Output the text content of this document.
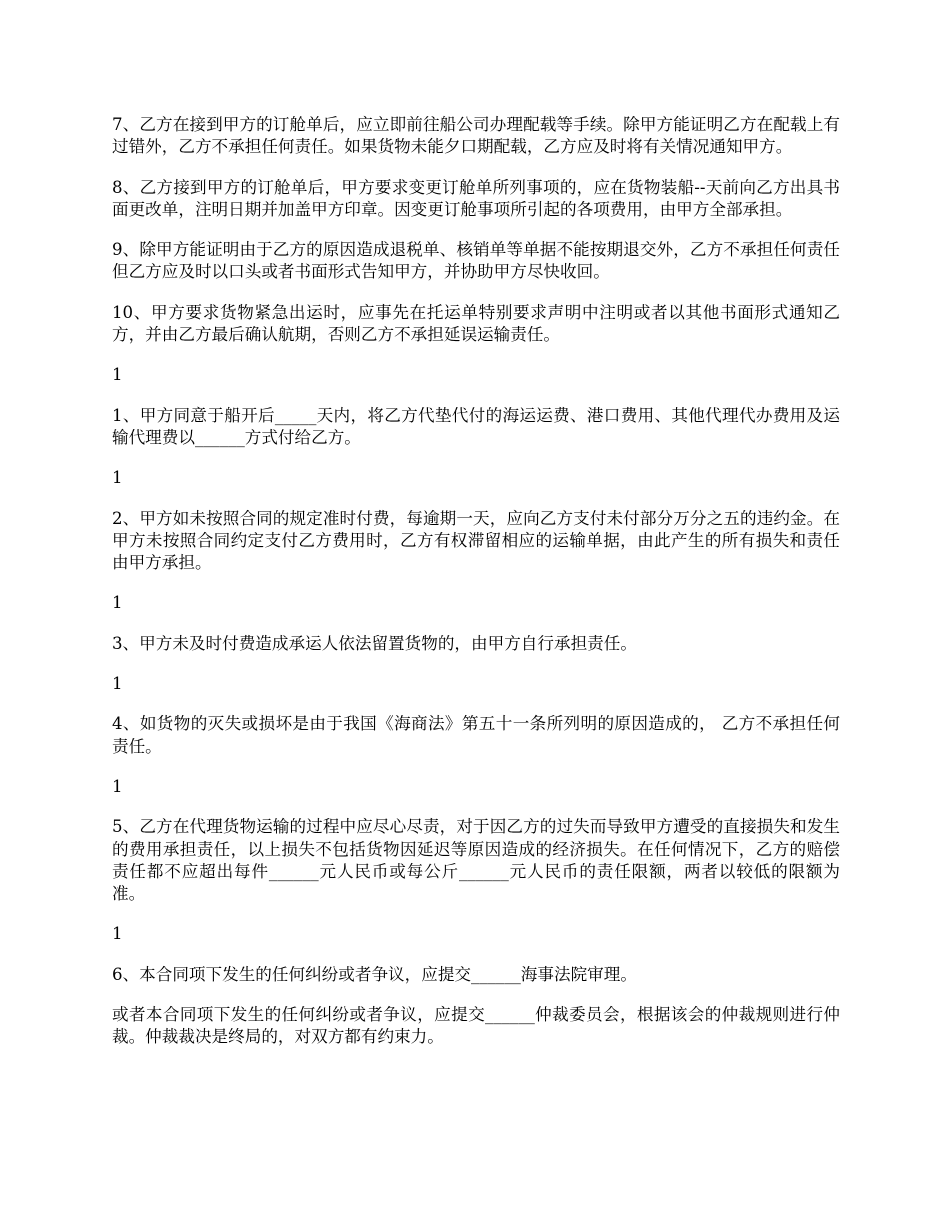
7、乙方在接到甲方的订舱单后，应立即前往船公司办理配载等手续。除甲方能证明乙方在配载上有过错外，乙方不承担任何责任。如果货物未能夕口期配载，乙方应及时将有关情况通知甲方。

8、乙方接到甲方的订舱单后，甲方要求变更订舱单所列事项的，应在货物装船--天前向乙方出具书面更改单，注明日期并加盖甲方印章。因变更订舱事项所引起的各项费用，由甲方全部承担。

9、除甲方能证明由于乙方的原因造成退税单、核销单等单据不能按期退交外，乙方不承担任何责任但乙方应及时以口头或者书面形式告知甲方，并协助甲方尽快收回。

10、甲方要求货物紧急出运时，应事先在托运单特别要求声明中注明或者以其他书面形式通知乙方，并由乙方最后确认航期，否则乙方不承担延误运输责任。

1

1、甲方同意于船开后_____天内，将乙方代垫代付的海运运费、港口费用、其他代理代办费用及运输代理费以______方式付给乙方。

1

2、甲方如未按照合同的规定准时付费，每逾期一天，应向乙方支付未付部分万分之五的违约金。在甲方未按照合同约定支付乙方费用时，乙方有权滞留相应的运输单据，由此产生的所有损失和责任由甲方承担。

1

3、甲方未及时付费造成承运人依法留置货物的，由甲方自行承担责任。

1

4、如货物的灭失或损坏是由于我国《海商法》第五十一条所列明的原因造成的， 乙方不承担任何责任。

1

5、乙方在代理货物运输的过程中应尽心尽责，对于因乙方的过失而导致甲方遭受的直接损失和发生的费用承担责任，以上损失不包括货物因延迟等原因造成的经济损失。在任何情况下，乙方的赔偿责任都不应超出每件______元人民币或每公斤______元人民币的责任限额，两者以较低的限额为准。

1

6、本合同项下发生的任何纠纷或者争议，应提交______海事法院审理。

或者本合同项下发生的任何纠纷或者争议，应提交______仲裁委员会，根据该会的仲裁规则进行仲裁。仲裁裁决是终局的，对双方都有约束力。
